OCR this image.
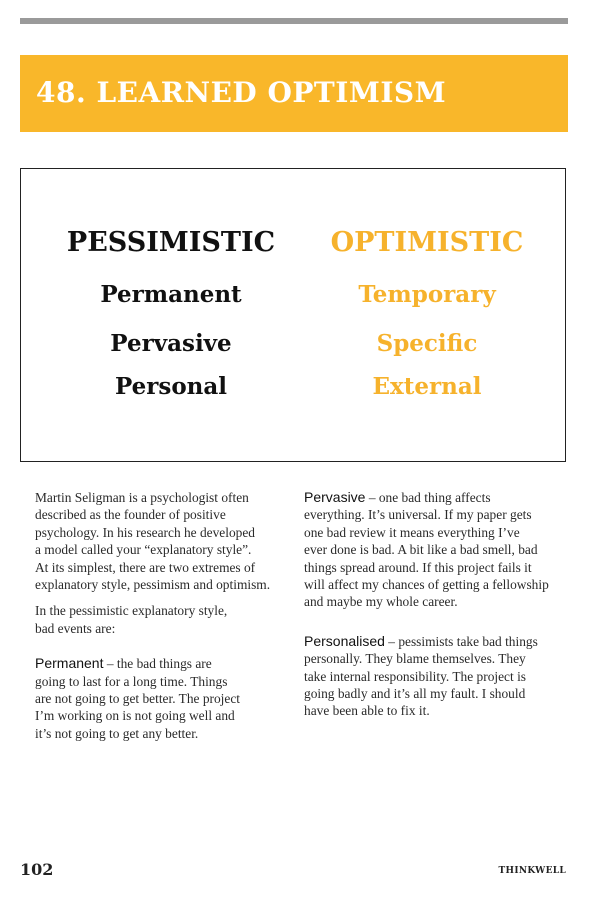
48. LEARNED OPTIMISM
PESSIMISTIC
Permanent
Pervasive
Personal
OPTIMISTIC
Temporary
Specific
External

Martin Seligman is a psychologist often
described as the founder of positive
psychology. In his research he developed
a model called your “explanatory style”.
At its simplest, there are two extremes of
explanatory style, pessimism and optimism.

In the pessimistic explanatory style,
bad events are:

Permanent – the bad things are
going to last for a long time. Things
are not going to get better. The project
I’m working on is not going well and
it’s not going to get any better.

Pervasive – one bad thing affects
everything. It’s universal. If my paper gets
one bad review it means everything I’ve
ever done is bad. A bit like a bad smell, bad
things spread around. If this project fails it
will affect my chances of getting a fellowship
and maybe my whole career.

Personalised – pessimists take bad things
personally. They blame themselves. They
take internal responsibility. The project is
going badly and it’s all my fault. I should
have been able to fix it.

102	THINKWELL
